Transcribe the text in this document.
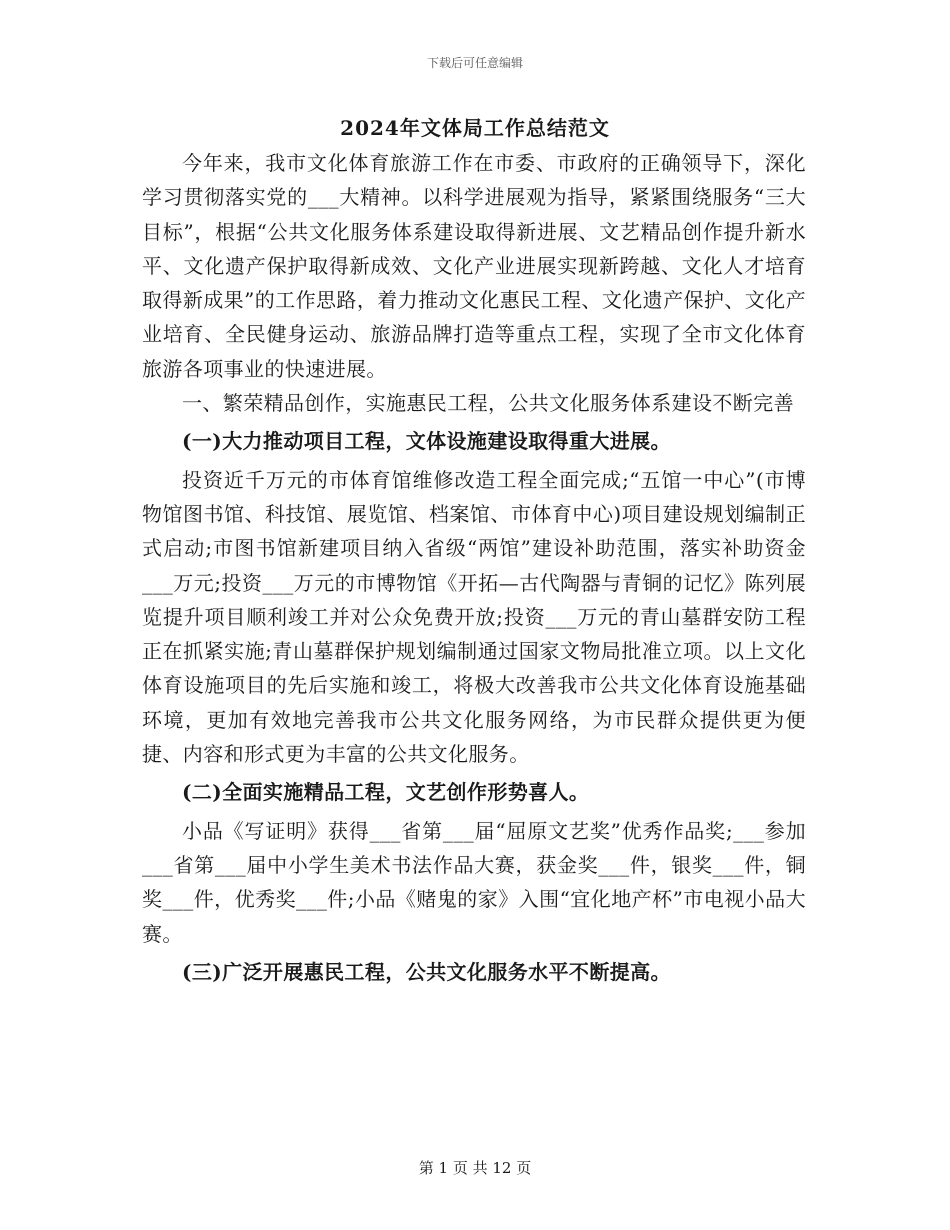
下载后可任意编辑
2024年文体局工作总结范文

今年来，我市文化体育旅游工作在市委、市政府的正确领导下，深化学习贯彻落实党的___大精神。以科学进展观为指导，紧紧围绕服务“三大目标”，根据“公共文化服务体系建设取得新进展、文艺精品创作提升新水平、文化遗产保护取得新成效、文化产业进展实现新跨越、文化人才培育取得新成果”的工作思路，着力推动文化惠民工程、文化遗产保护、文化产业培育、全民健身运动、旅游品牌打造等重点工程，实现了全市文化体育旅游各项事业的快速进展。

一、繁荣精品创作，实施惠民工程，公共文化服务体系建设不断完善

(一)大力推动项目工程，文体设施建设取得重大进展。

投资近千万元的市体育馆维修改造工程全面完成;“五馆一中心”(市博物馆图书馆、科技馆、展览馆、档案馆、市体育中心)项目建设规划编制正式启动;市图书馆新建项目纳入省级“两馆”建设补助范围，落实补助资金___万元;投资___万元的市博物馆《开拓—古代陶器与青铜的记忆》陈列展览提升项目顺利竣工并对公众免费开放;投资___万元的青山墓群安防工程正在抓紧实施;青山墓群保护规划编制通过国家文物局批准立项。以上文化体育设施项目的先后实施和竣工，将极大改善我市公共文化体育设施基础环境，更加有效地完善我市公共文化服务网络，为市民群众提供更为便捷、内容和形式更为丰富的公共文化服务。

(二)全面实施精品工程，文艺创作形势喜人。

小品《写证明》获得___省第___届“屈原文艺奖”优秀作品奖;___参加___省第___届中小学生美术书法作品大赛，获金奖___件，银奖___件，铜奖___件，优秀奖___件;小品《赌鬼的家》入围“宜化地产杯”市电视小品大赛。

(三)广泛开展惠民工程，公共文化服务水平不断提高。

第 1 页 共 12 页
